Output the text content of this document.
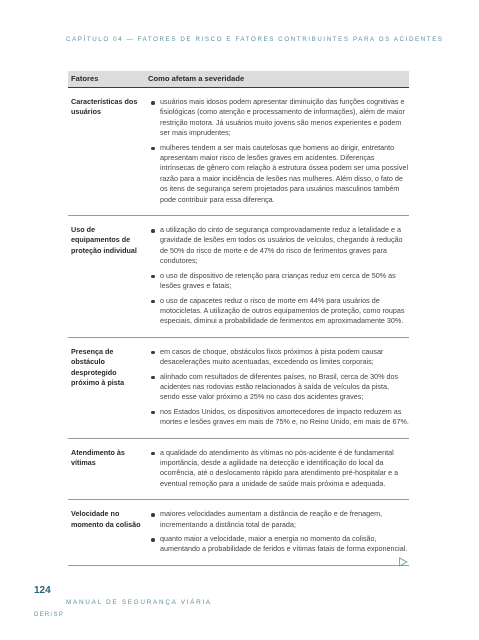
CAPÍTULO 04 — FATORES DE RISCO E FATORES CONTRIBUINTES PARA OS ACIDENTES
Fatores	Como afetam a severidade
Características dos usuários
usuários mais idosos podem apresentar diminuição das funções cognitivas e fisiológicas (como atenção e processamento de informações), além de maior restrição motora. Já usuários muito jovens são menos experientes e podem ser mais imprudentes;
mulheres tendem a ser mais cautelosas que homens ao dirigir, entretanto apresentam maior risco de lesões graves em acidentes. Diferenças intrínsecas de gênero com relação à estrutura óssea podem ser uma possível razão para a maior incidência de lesões nas mulheres. Além disso, o fato de os itens de segurança serem projetados para usuários masculinos também pode contribuir para essa diferença.
Uso de equipamentos de proteção individual
a utilização do cinto de segurança comprovadamente reduz a letalidade e a gravidade de lesões em todos os usuários de veículos, chegando à redução de 50% do risco de morte e de 47% do risco de ferimentos graves para condutores;
o uso de dispositivo de retenção para crianças reduz em cerca de 50% as lesões graves e fatais;
o uso de capacetes reduz o risco de morte em 44% para usuários de motocicletas. A utilização de outros equipamentos de proteção, como roupas especiais, diminui a probabilidade de ferimentos em aproximadamente 30%.
Presença de obstáculo desprotegido próximo à pista
em casos de choque, obstáculos fixos próximos à pista podem causar desacelerações muito acentuadas, excedendo os limites corporais;
alinhado com resultados de diferentes países, no Brasil, cerca de 30% dos acidentes nas rodovias estão relacionados à saída de veículos da pista, sendo esse valor próximo a 25% no caso dos acidentes graves;
nos Estados Unidos, os dispositivos amortecedores de impacto reduzem as mortes e lesões graves em mais de 75% e, no Reino Unido, em mais de 67%.
Atendimento às vítimas
a qualidade do atendimento às vítimas no pós-acidente é de fundamental importância, desde a agilidade na detecção e identificação do local da ocorrência, até o deslocamento rápido para atendimento pré-hospitalar e a eventual remoção para a unidade de saúde mais próxima e adequada.
Velocidade no momento da colisão
maiores velocidades aumentam a distância de reação e de frenagem, incrementando a distância total de parada;
quanto maior a velocidade, maior a energia no momento da colisão, aumentando a probabilidade de feridos e vítimas fatais de forma exponencial.
124
MANUAL DE SEGURANÇA VIÁRIA
DER/SP
